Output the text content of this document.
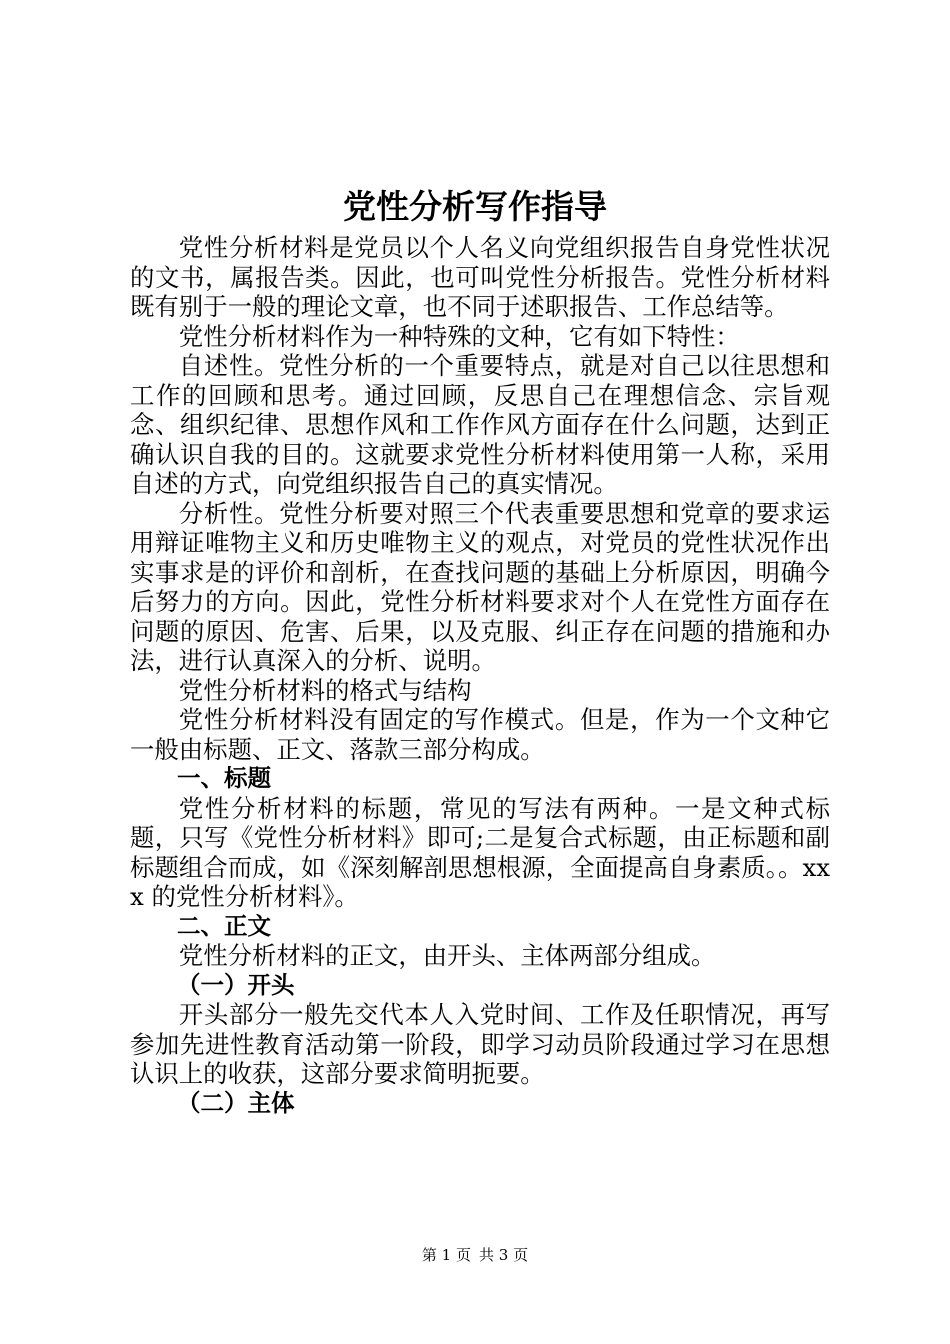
党性分析写作指导

党性分析材料是党员以个人名义向党组织报告自身党性状况的文书，属报告类。因此，也可叫党性分析报告。党性分析材料既有别于一般的理论文章，也不同于述职报告、工作总结等。

党性分析材料作为一种特殊的文种，它有如下特性：

自述性。党性分析的一个重要特点，就是对自己以往思想和工作的回顾和思考。通过回顾，反思自己在理想信念、宗旨观念、组织纪律、思想作风和工作作风方面存在什么问题，达到正确认识自我的目的。这就要求党性分析材料使用第一人称，采用自述的方式，向党组织报告自己的真实情况。

分析性。党性分析要对照三个代表重要思想和党章的要求运用辩证唯物主义和历史唯物主义的观点，对党员的党性状况作出实事求是的评价和剖析，在查找问题的基础上分析原因，明确今后努力的方向。因此，党性分析材料要求对个人在党性方面存在问题的原因、危害、后果，以及克服、纠正存在问题的措施和办法，进行认真深入的分析、说明。

党性分析材料的格式与结构

党性分析材料没有固定的写作模式。但是，作为一个文种它一般由标题、正文、落款三部分构成。

一、标题

党性分析材料的标题，常见的写法有两种。一是文种式标题，只写《党性分析材料》即可;二是复合式标题，由正标题和副标题组合而成，如《深刻解剖思想根源，全面提高自身素质。。xxx 的党性分析材料》。

二、正文

党性分析材料的正文，由开头、主体两部分组成。

（一）开头

开头部分一般先交代本人入党时间、工作及任职情况，再写参加先进性教育活动第一阶段，即学习动员阶段通过学习在思想认识上的收获，这部分要求简明扼要。

（二）主体

第 1 页 共 3 页
